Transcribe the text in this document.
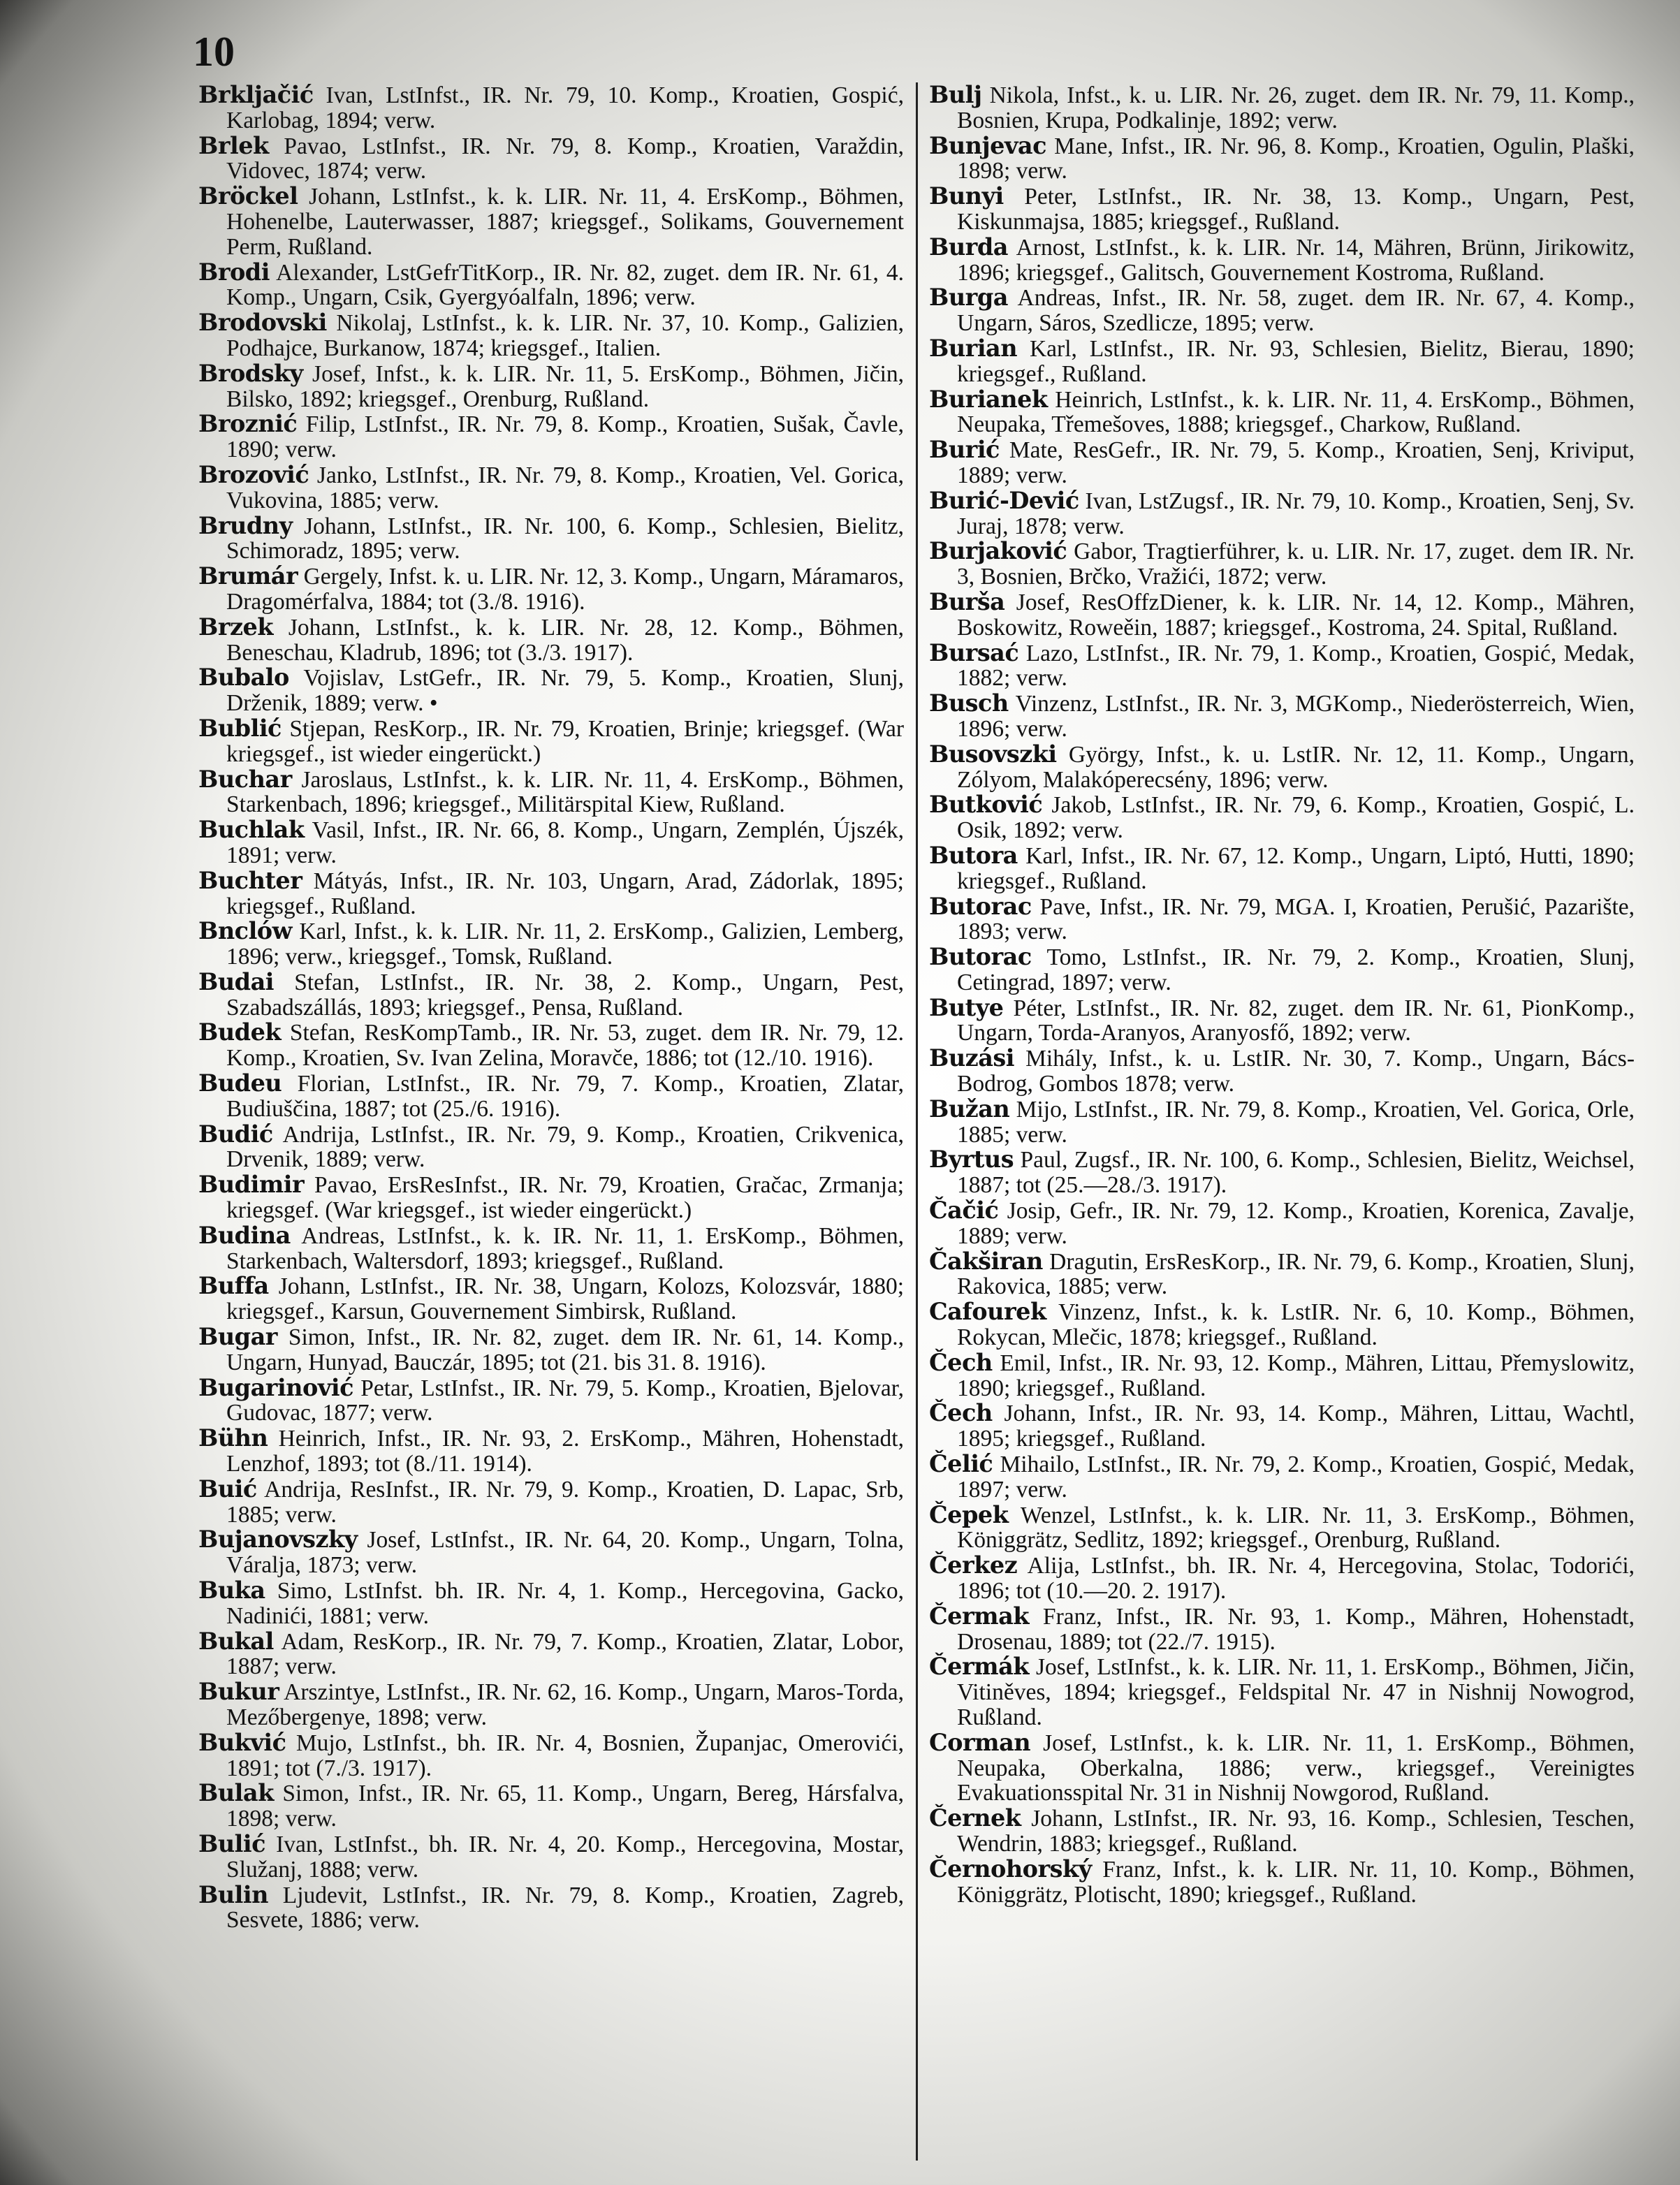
10

Brkljačić Ivan, LstInfst., IR. Nr. 79, 10. Komp., Kroatien, Gospić, Karlobag, 1894; verw.

Brlek Pavao, LstInfst., IR. Nr. 79, 8. Komp., Kroatien, Varaždin, Vidovec, 1874; verw.

Bröckel Johann, LstInfst., k. k. LIR. Nr. 11, 4. ErsKomp., Böhmen, Hohenelbe, Lauterwasser, 1887; kriegsgef., Solikams, Gouvernement Perm, Rußland.

Brodi Alexander, LstGefrTitKorp., IR. Nr. 82, zuget. dem IR. Nr. 61, 4. Komp., Ungarn, Csik, Gyergyóalfaln, 1896; verw.

Brodovski Nikolaj, LstInfst., k. k. LIR. Nr. 37, 10. Komp., Galizien, Podhajce, Burkanow, 1874; kriegsgef., Italien.

Brodsky Josef, Infst., k. k. LIR. Nr. 11, 5. ErsKomp., Böhmen, Jičin, Bilsko, 1892; kriegsgef., Orenburg, Rußland.

Broznić Filip, LstInfst., IR. Nr. 79, 8. Komp., Kroatien, Sušak, Čavle, 1890; verw.

Brozović Janko, LstInfst., IR. Nr. 79, 8. Komp., Kroatien, Vel. Gorica, Vukovina, 1885; verw.

Brudny Johann, LstInfst., IR. Nr. 100, 6. Komp., Schlesien, Bielitz, Schimoradz, 1895; verw.

Brumár Gergely, Infst. k. u. LIR. Nr. 12, 3. Komp., Ungarn, Máramaros, Dragomérfalva, 1884; tot (3./8. 1916).

Brzek Johann, LstInfst., k. k. LIR. Nr. 28, 12. Komp., Böhmen, Beneschau, Kladrub, 1896; tot (3./3. 1917).

Bubalo Vojislav, LstGefr., IR. Nr. 79, 5. Komp., Kroatien, Slunj, Drženik, 1889; verw. •

Bublić Stjepan, ResKorp., IR. Nr. 79, Kroatien, Brinje; kriegsgef. (War kriegsgef., ist wieder eingerückt.)

Buchar Jaroslaus, LstInfst., k. k. LIR. Nr. 11, 4. ErsKomp., Böhmen, Starkenbach, 1896; kriegsgef., Militärspital Kiew, Rußland.

Buchlak Vasil, Infst., IR. Nr. 66, 8. Komp., Ungarn, Zemplén, Újszék, 1891; verw.

Buchter Mátyás, Infst., IR. Nr. 103, Ungarn, Arad, Zádorlak, 1895; kriegsgef., Rußland.

Bnclów Karl, Infst., k. k. LIR. Nr. 11, 2. ErsKomp., Galizien, Lemberg, 1896; verw., kriegsgef., Tomsk, Rußland.

Budai Stefan, LstInfst., IR. Nr. 38, 2. Komp., Ungarn, Pest, Szabadszállás, 1893; kriegsgef., Pensa, Rußland.

Budek Stefan, ResKompTamb., IR. Nr. 53, zuget. dem IR. Nr. 79, 12. Komp., Kroatien, Sv. Ivan Zelina, Moravče, 1886; tot (12./10. 1916).

Budeu Florian, LstInfst., IR. Nr. 79, 7. Komp., Kroatien, Zlatar, Budiuščina, 1887; tot (25./6. 1916).

Budić Andrija, LstInfst., IR. Nr. 79, 9. Komp., Kroatien, Crikvenica, Drvenik, 1889; verw.

Budimir Pavao, ErsResInfst., IR. Nr. 79, Kroatien, Gračac, Zrmanja; kriegsgef. (War kriegsgef., ist wieder eingerückt.)

Budina Andreas, LstInfst., k. k. IR. Nr. 11, 1. ErsKomp., Böhmen, Starkenbach, Waltersdorf, 1893; kriegsgef., Rußland.

Buffa Johann, LstInfst., IR. Nr. 38, Ungarn, Kolozs, Kolozsvár, 1880; kriegsgef., Karsun, Gouvernement Simbirsk, Rußland.

Bugar Simon, Infst., IR. Nr. 82, zuget. dem IR. Nr. 61, 14. Komp., Ungarn, Hunyad, Bauczár, 1895; tot (21. bis 31. 8. 1916).

Bugarinović Petar, LstInfst., IR. Nr. 79, 5. Komp., Kroatien, Bjelovar, Gudovac, 1877; verw.

Bühn Heinrich, Infst., IR. Nr. 93, 2. ErsKomp., Mähren, Hohenstadt, Lenzhof, 1893; tot (8./11. 1914).

Buić Andrija, ResInfst., IR. Nr. 79, 9. Komp., Kroatien, D. Lapac, Srb, 1885; verw.

Bujanovszky Josef, LstInfst., IR. Nr. 64, 20. Komp., Ungarn, Tolna, Váralja, 1873; verw.

Buka Simo, LstInfst. bh. IR. Nr. 4, 1. Komp., Hercegovina, Gacko, Nadinići, 1881; verw.

Bukal Adam, ResKorp., IR. Nr. 79, 7. Komp., Kroatien, Zlatar, Lobor, 1887; verw.

Bukur Arszintye, LstInfst., IR. Nr. 62, 16. Komp., Ungarn, Maros-Torda, Mezőbergenye, 1898; verw.

Bukvić Mujo, LstInfst., bh. IR. Nr. 4, Bosnien, Županjac, Omerovići, 1891; tot (7./3. 1917).

Bulak Simon, Infst., IR. Nr. 65, 11. Komp., Ungarn, Bereg, Hársfalva, 1898; verw.

Bulić Ivan, LstInfst., bh. IR. Nr. 4, 20. Komp., Hercegovina, Mostar, Služanj, 1888; verw.

Bulin Ljudevit, LstInfst., IR. Nr. 79, 8. Komp., Kroatien, Zagreb, Sesvete, 1886; verw.

Bulj Nikola, Infst., k. u. LIR. Nr. 26, zuget. dem IR. Nr. 79, 11. Komp., Bosnien, Krupa, Podkalinje, 1892; verw.

Bunjevac Mane, Infst., IR. Nr. 96, 8. Komp., Kroatien, Ogulin, Plaški, 1898; verw.

Bunyi Peter, LstInfst., IR. Nr. 38, 13. Komp., Ungarn, Pest, Kiskunmajsa, 1885; kriegsgef., Rußland.

Burda Arnost, LstInfst., k. k. LIR. Nr. 14, Mähren, Brünn, Jirikowitz, 1896; kriegsgef., Galitsch, Gouvernement Kostroma, Rußland.

Burga Andreas, Infst., IR. Nr. 58, zuget. dem IR. Nr. 67, 4. Komp., Ungarn, Sáros, Szedlicze, 1895; verw.

Burian Karl, LstInfst., IR. Nr. 93, Schlesien, Bielitz, Bierau, 1890; kriegsgef., Rußland.

Burianek Heinrich, LstInfst., k. k. LIR. Nr. 11, 4. ErsKomp., Böhmen, Neupaka, Třemešoves, 1888; kriegsgef., Charkow, Rußland.

Burić Mate, ResGefr., IR. Nr. 79, 5. Komp., Kroatien, Senj, Kriviput, 1889; verw.

Burić-Dević Ivan, LstZugsf., IR. Nr. 79, 10. Komp., Kroatien, Senj, Sv. Juraj, 1878; verw.

Burjaković Gabor, Tragtierführer, k. u. LIR. Nr. 17, zuget. dem IR. Nr. 3, Bosnien, Brčko, Vražići, 1872; verw.

Burša Josef, ResOffzDiener, k. k. LIR. Nr. 14, 12. Komp., Mähren, Boskowitz, Roweěin, 1887; kriegsgef., Kostroma, 24. Spital, Rußland.

Bursać Lazo, LstInfst., IR. Nr. 79, 1. Komp., Kroatien, Gospić, Medak, 1882; verw.

Busch Vinzenz, LstInfst., IR. Nr. 3, MGKomp., Niederösterreich, Wien, 1896; verw.

Busovszki György, Infst., k. u. LstIR. Nr. 12, 11. Komp., Ungarn, Zólyom, Malakóperecsény, 1896; verw.

Butković Jakob, LstInfst., IR. Nr. 79, 6. Komp., Kroatien, Gospić, L. Osik, 1892; verw.

Butora Karl, Infst., IR. Nr. 67, 12. Komp., Ungarn, Liptó, Hutti, 1890; kriegsgef., Rußland.

Butorac Pave, Infst., IR. Nr. 79, MGA. I, Kroatien, Perušić, Pazarište, 1893; verw.

Butorac Tomo, LstInfst., IR. Nr. 79, 2. Komp., Kroatien, Slunj, Cetingrad, 1897; verw.

Butye Péter, LstInfst., IR. Nr. 82, zuget. dem IR. Nr. 61, PionKomp., Ungarn, Torda-Aranyos, Aranyosfő, 1892; verw.

Buzási Mihály, Infst., k. u. LstIR. Nr. 30, 7. Komp., Ungarn, Bács-Bodrog, Gombos 1878; verw.

Bužan Mijo, LstInfst., IR. Nr. 79, 8. Komp., Kroatien, Vel. Gorica, Orle, 1885; verw.

Byrtus Paul, Zugsf., IR. Nr. 100, 6. Komp., Schlesien, Bielitz, Weichsel, 1887; tot (25.—28./3. 1917).

Čačić Josip, Gefr., IR. Nr. 79, 12. Komp., Kroatien, Korenica, Zavalje, 1889; verw.

Čakširan Dragutin, ErsResKorp., IR. Nr. 79, 6. Komp., Kroatien, Slunj, Rakovica, 1885; verw.

Cafourek Vinzenz, Infst., k. k. LstIR. Nr. 6, 10. Komp., Böhmen, Rokycan, Mlečic, 1878; kriegsgef., Rußland.

Čech Emil, Infst., IR. Nr. 93, 12. Komp., Mähren, Littau, Přemyslowitz, 1890; kriegsgef., Rußland.

Čech Johann, Infst., IR. Nr. 93, 14. Komp., Mähren, Littau, Wachtl, 1895; kriegsgef., Rußland.

Čelić Mihailo, LstInfst., IR. Nr. 79, 2. Komp., Kroatien, Gospić, Medak, 1897; verw.

Čepek Wenzel, LstInfst., k. k. LIR. Nr. 11, 3. ErsKomp., Böhmen, Königgrätz, Sedlitz, 1892; kriegsgef., Orenburg, Rußland.

Čerkez Alija, LstInfst., bh. IR. Nr. 4, Hercegovina, Stolac, Todorići, 1896; tot (10.—20. 2. 1917).

Čermak Franz, Infst., IR. Nr. 93, 1. Komp., Mähren, Hohenstadt, Drosenau, 1889; tot (22./7. 1915).

Čermák Josef, LstInfst., k. k. LIR. Nr. 11, 1. ErsKomp., Böhmen, Jičin, Vitiněves, 1894; kriegsgef., Feldspital Nr. 47 in Nishnij Nowogrod, Rußland.

Corman Josef, LstInfst., k. k. LIR. Nr. 11, 1. ErsKomp., Böhmen, Neupaka, Oberkalna, 1886; verw., kriegsgef., Vereinigtes Evakuationsspital Nr. 31 in Nishnij Nowgorod, Rußland.

Černek Johann, LstInfst., IR. Nr. 93, 16. Komp., Schlesien, Teschen, Wendrin, 1883; kriegsgef., Rußland.

Černohorský Franz, Infst., k. k. LIR. Nr. 11, 10. Komp., Böhmen, Königgrätz, Plotischt, 1890; kriegsgef., Rußland.
